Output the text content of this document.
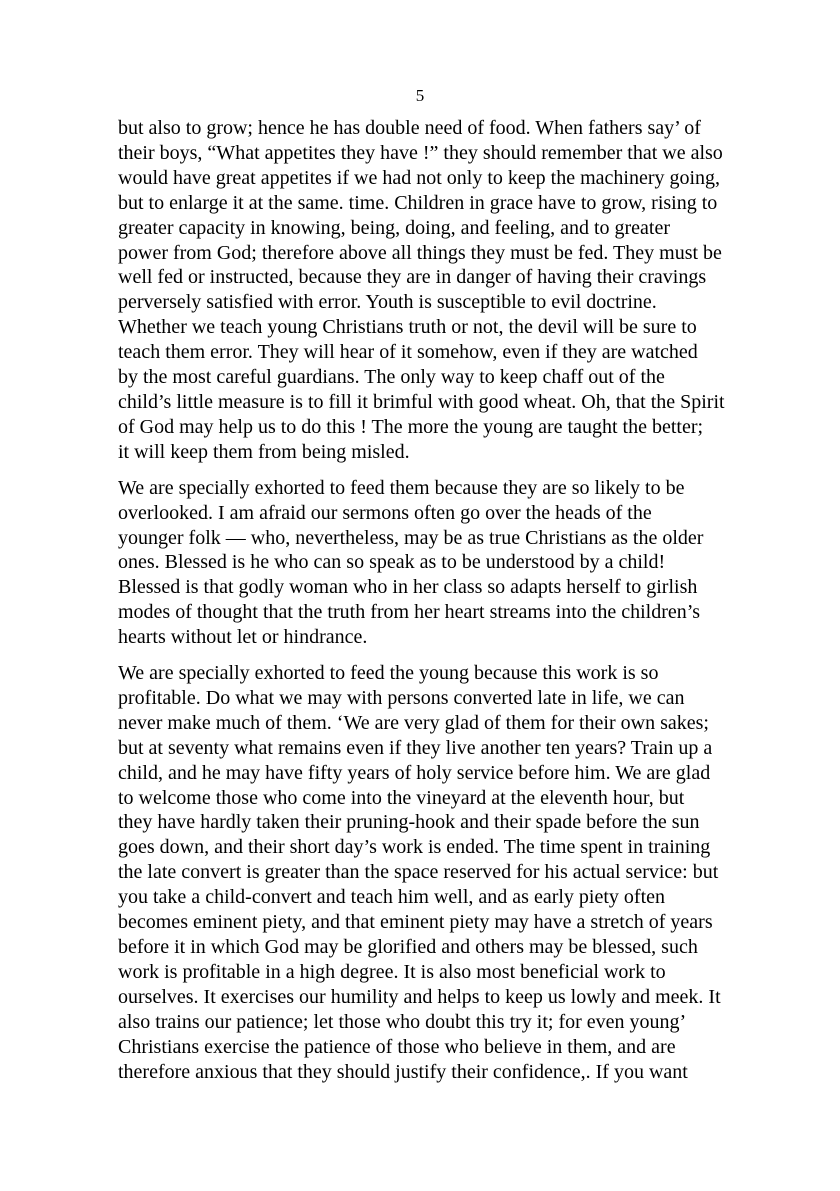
5
but also to grow; hence he has double need of food. When fathers say’ of
their boys, “What appetites they have !” they should remember that we also
would have great appetites if we had not only to keep the machinery going,
but to enlarge it at the same. time. Children in grace have to grow, rising to
greater capacity in knowing, being, doing, and feeling, and to greater
power from God; therefore above all things they must be fed. They must be
well fed or instructed, because they are in danger of having their cravings
perversely satisfied with error. Youth is susceptible to evil doctrine.
Whether we teach young Christians truth or not, the devil will be sure to
teach them error. They will hear of it somehow, even if they are watched
by the most careful guardians. The only way to keep chaff out of the
child’s little measure is to fill it brimful with good wheat. Oh, that the Spirit
of God may help us to do this ! The more the young are taught the better;
it will keep them from being misled.
We are specially exhorted to feed them because they are so likely to be
overlooked. I am afraid our sermons often go over the heads of the
younger folk — who, nevertheless, may be as true Christians as the older
ones. Blessed is he who can so speak as to be understood by a child!
Blessed is that godly woman who in her class so adapts herself to girlish
modes of thought that the truth from her heart streams into the children’s
hearts without let or hindrance.
We are specially exhorted to feed the young because this work is so
profitable. Do what we may with persons converted late in life, we can
never make much of them. ‘We are very glad of them for their own sakes;
but at seventy what remains even if they live another ten years? Train up a
child, and he may have fifty years of holy service before him. We are glad
to welcome those who come into the vineyard at the eleventh hour, but
they have hardly taken their pruning-hook and their spade before the sun
goes down, and their short day’s work is ended. The time spent in training
the late convert is greater than the space reserved for his actual service: but
you take a child-convert and teach him well, and as early piety often
becomes eminent piety, and that eminent piety may have a stretch of years
before it in which God may be glorified and others may be blessed, such
work is profitable in a high degree. It is also most beneficial work to
ourselves. It exercises our humility and helps to keep us lowly and meek. It
also trains our patience; let those who doubt this try it; for even young’
Christians exercise the patience of those who believe in them, and are
therefore anxious that they should justify their confidence,. If you want
